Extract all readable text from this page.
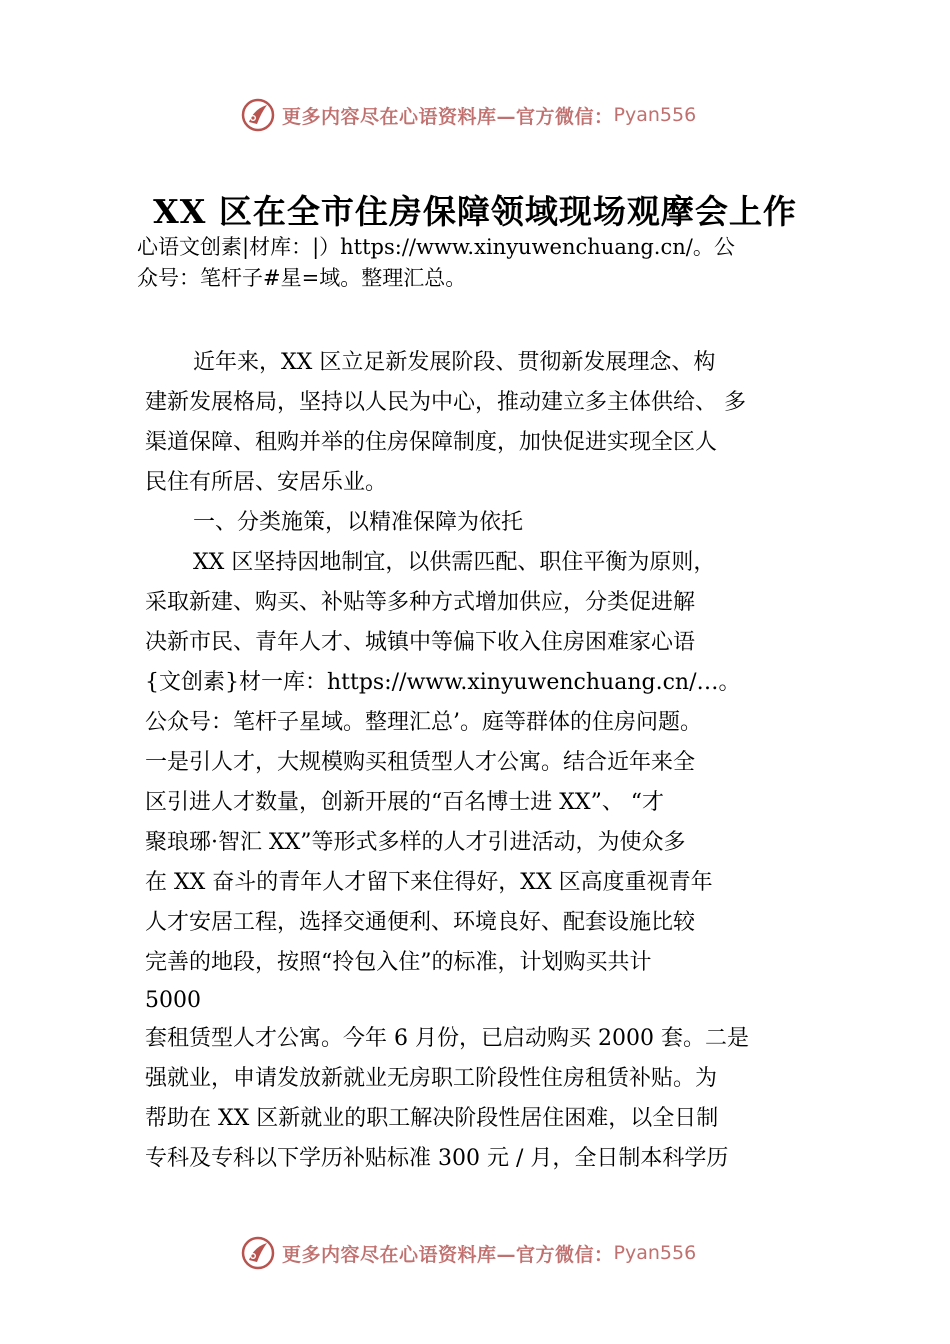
更多内容尽在心语资料库—官方微信： Pyan556
XX 区在全市住房保障领域现场观摩会上作
心语文创素|材库：|）https://www.xinyuwenchuang.cn/。公
众号：笔杆子#星=域。整理汇总。
近年来，XX 区立足新发展阶段、贯彻新发展理念、构
建新发展格局，坚持以人民为中心，推动建立多主体供给、 多
渠道保障、租购并举的住房保障制度，加快促进实现全区人
民住有所居、安居乐业。
一、分类施策，以精准保障为依托
XX 区坚持因地制宜，以供需匹配、职住平衡为原则，
采取新建、购买、补贴等多种方式增加供应，分类促进解
决新市民、青年人才、城镇中等偏下收入住房困难家心语
{文创素}材一库：https://www.xinyuwenchuang.cn/…。
公众号：笔杆子星域。整理汇总’。庭等群体的住房问题。
一是引人才，大规模购买租赁型人才公寓。结合近年来全
区引进人才数量，创新开展的“百名博士进 XX”、 “才
聚琅琊·智汇 XX”等形式多样的人才引进活动，为使众多
在 XX 奋斗的青年人才留下来住得好，XX 区高度重视青年
人才安居工程，选择交通便利、环境良好、配套设施比较
完善的地段，按照“拎包入住”的标准，计划购买共计
5000
套租赁型人才公寓。今年 6 月份，已启动购买 2000 套。二是
强就业，申请发放新就业无房职工阶段性住房租赁补贴。为
帮助在 XX 区新就业的职工解决阶段性居住困难，以全日制
专科及专科以下学历补贴标准 300 元 / 月，全日制本科学历
更多内容尽在心语资料库—官方微信： Pyan556
